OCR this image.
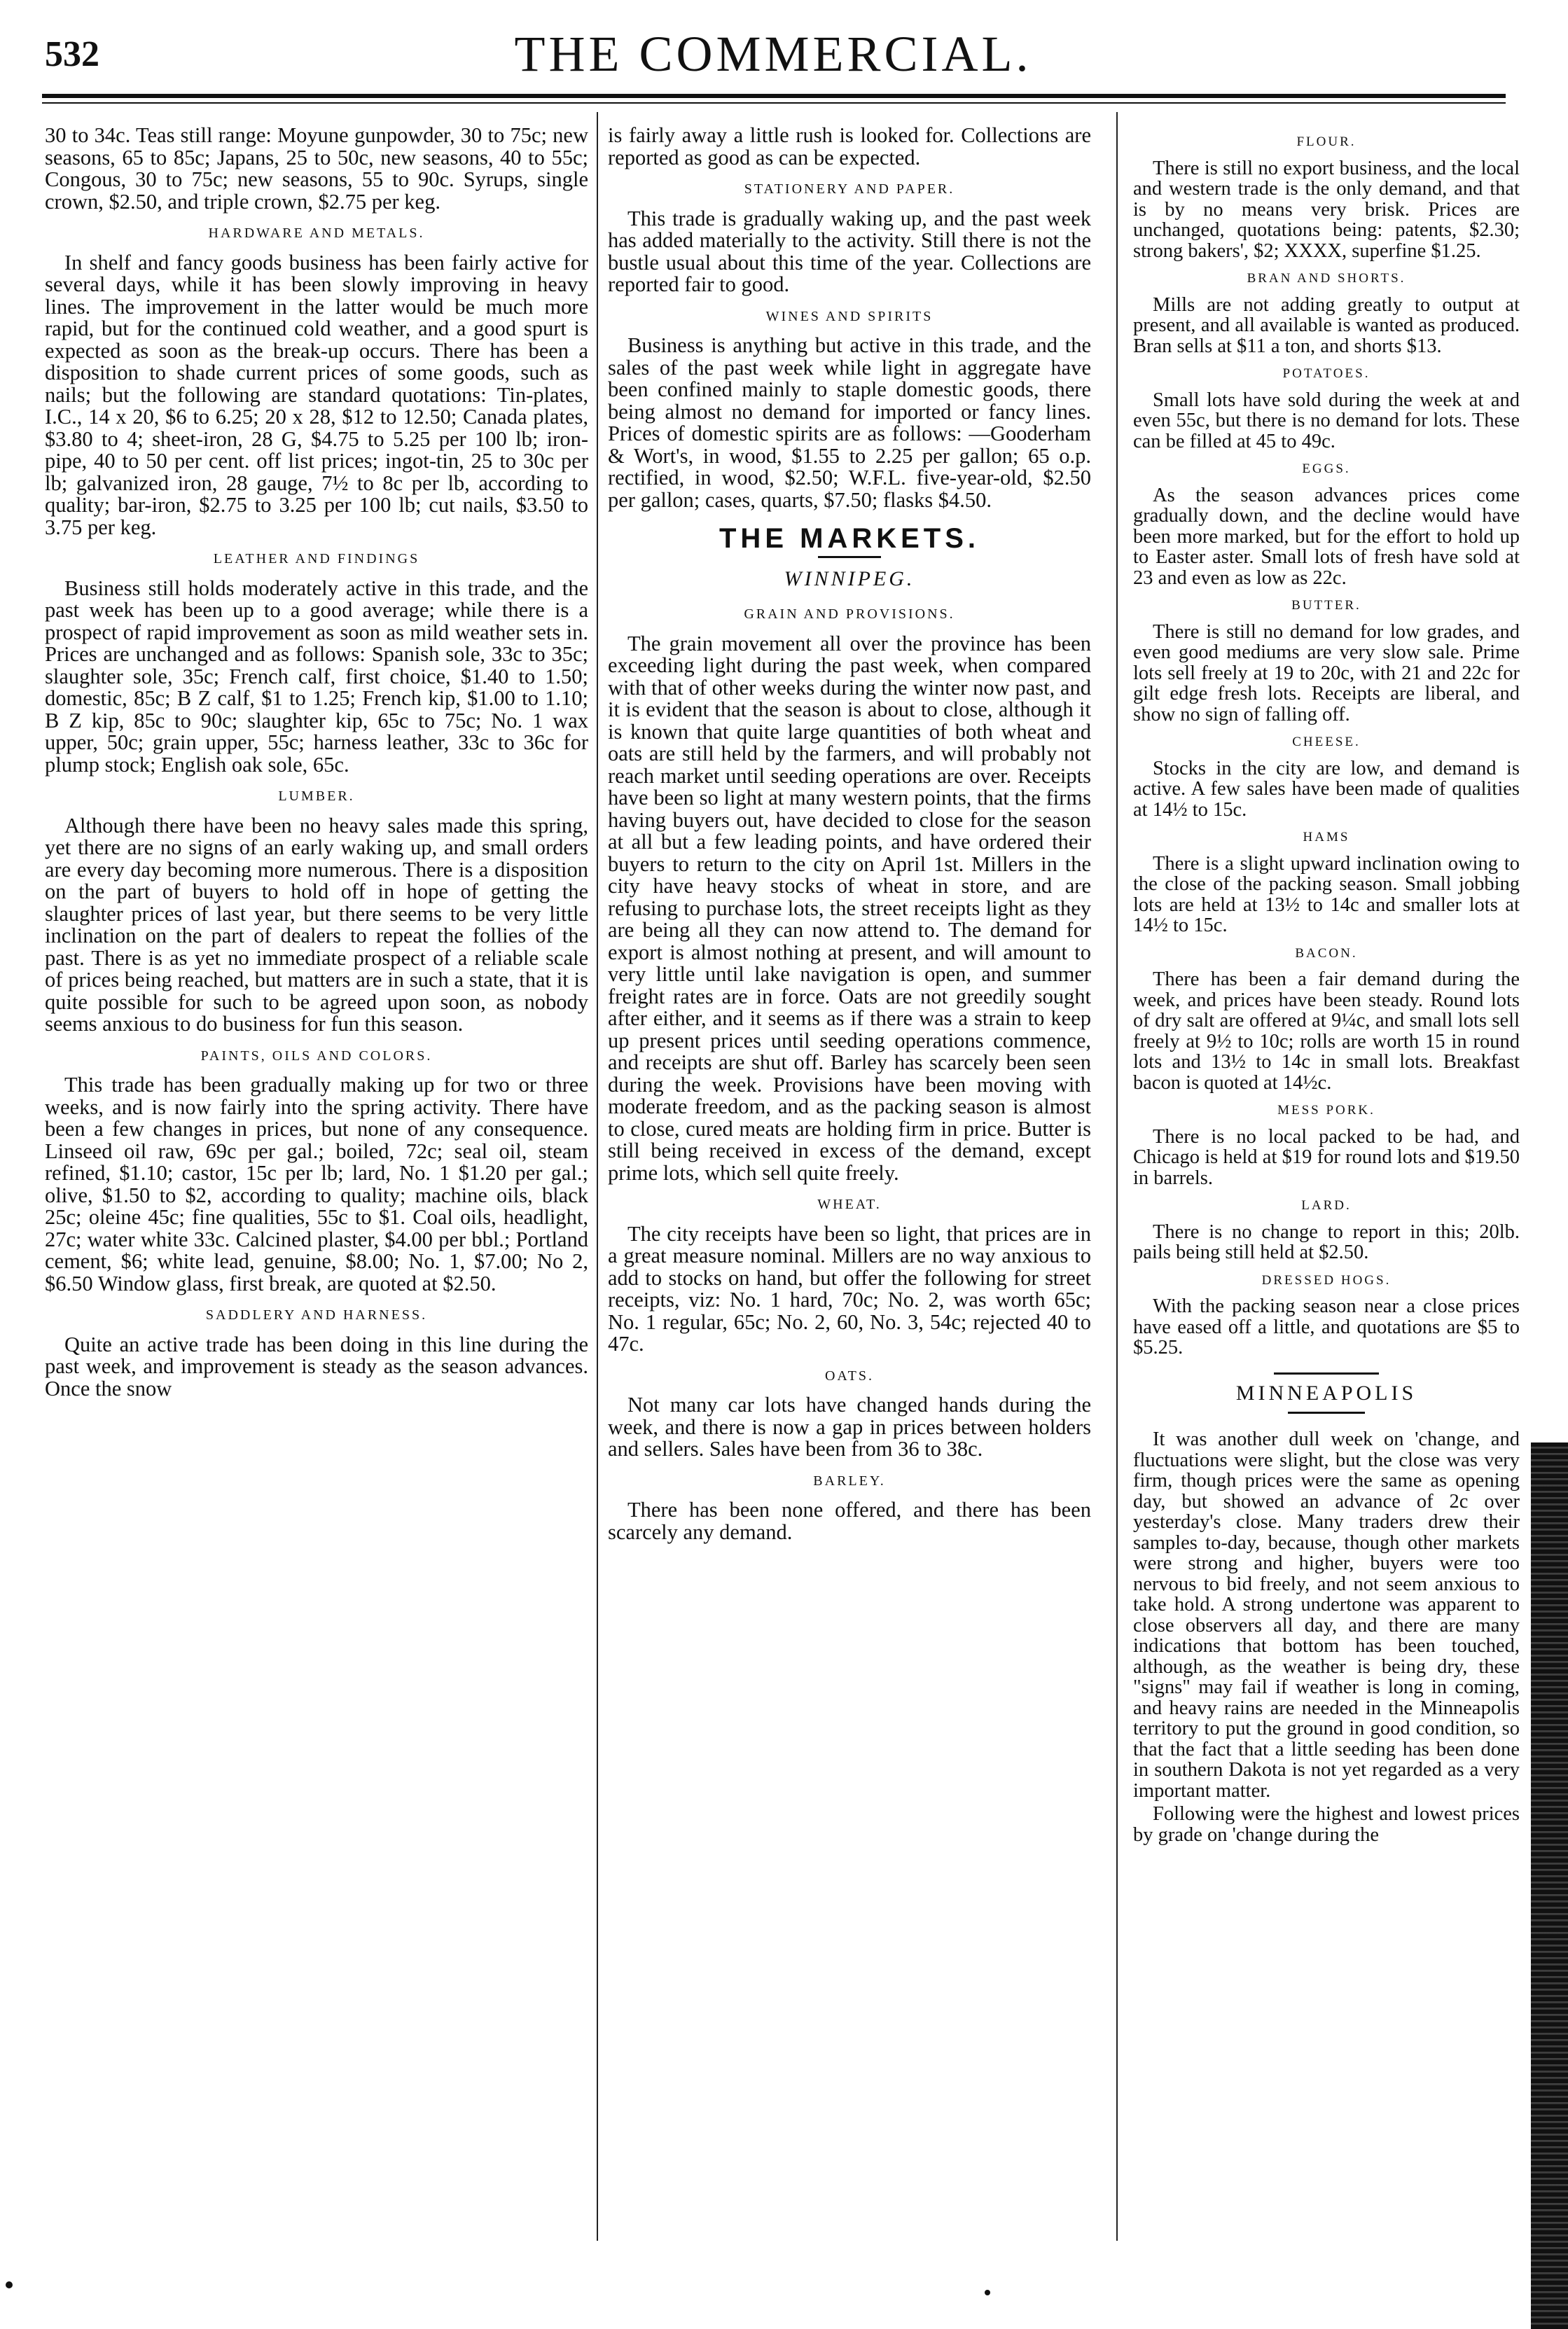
532	THE COMMERCIAL.

30 to 34c. Teas still range: Moyune gunpowder, 30 to 75c; new seasons, 65 to 85c; Japans, 25 to 50c, new seasons, 40 to 55c; Congous, 30 to 75c; new seasons, 55 to 90c. Syrups, single crown, $2.50, and triple crown, $2.75 per keg.

HARDWARE AND METALS.

In shelf and fancy goods business has been fairly active for several days, while it has been slowly improving in heavy lines. The improvement in the latter would be much more rapid, but for the continued cold weather, and a good spurt is expected as soon as the break-up occurs. There has been a disposition to shade current prices of some goods, such as nails; but the following are standard quotations: Tin-plates, I.C., 14 x 20, $6 to 6.25; 20 x 28, $12 to 12.50; Canada plates, $3.80 to 4; sheet-iron, 28 G, $4.75 to 5.25 per 100 lb; iron-pipe, 40 to 50 per cent. off list prices; ingot-tin, 25 to 30c per lb; galvanized iron, 28 gauge, 7½ to 8c per lb, according to quality; bar-iron, $2.75 to 3.25 per 100 lb; cut nails, $3.50 to 3.75 per keg.

LEATHER AND FINDINGS

Business still holds moderately active in this trade, and the past week has been up to a good average; while there is a prospect of rapid improvement as soon as mild weather sets in. Prices are unchanged and as follows: Spanish sole, 33c to 35c; slaughter sole, 35c; French calf, first choice, $1.40 to 1.50; domestic, 85c; B Z calf, $1 to 1.25; French kip, $1.00 to 1.10; B Z kip, 85c to 90c; slaughter kip, 65c to 75c; No. 1 wax upper, 50c; grain upper, 55c; harness leather, 33c to 36c for plump stock; English oak sole, 65c.

LUMBER.

Although there have been no heavy sales made this spring, yet there are no signs of an early waking up, and small orders are every day becoming more numerous. There is a disposition on the part of buyers to hold off in hope of getting the slaughter prices of last year, but there seems to be very little inclination on the part of dealers to repeat the follies of the past. There is as yet no immediate prospect of a reliable scale of prices being reached, but matters are in such a state, that it is quite possible for such to be agreed upon soon, as nobody seems anxious to do business for fun this season.

PAINTS, OILS AND COLORS.

This trade has been gradually making up for two or three weeks, and is now fairly into the spring activity. There have been a few changes in prices, but none of any consequence. Linseed oil raw, 69c per gal.; boiled, 72c; seal oil, steam refined, $1.10; castor, 15c per lb; lard, No. 1 $1.20 per gal.; olive, $1.50 to $2, according to quality; machine oils, black 25c; oleine 45c; fine qualities, 55c to $1. Coal oils, headlight, 27c; water white 33c. Calcined plaster, $4.00 per bbl.; Portland cement, $6; white lead, genuine, $8.00; No. 1, $7.00; No 2, $6.50 Window glass, first break, are quoted at $2.50.

SADDLERY AND HARNESS.

Quite an active trade has been doing in this line during the past week, and improvement is steady as the season advances. Once the snow

is fairly away a little rush is looked for. Collections are reported as good as can be expected.

STATIONERY AND PAPER.

This trade is gradually waking up, and the past week has added materially to the activity. Still there is not the bustle usual about this time of the year. Collections are reported fair to good.

WINES AND SPIRITS

Business is anything but active in this trade, and the sales of the past week while light in aggregate have been confined mainly to staple domestic goods, there being almost no demand for imported or fancy lines. Prices of domestic spirits are as follows: —Gooderham & Wort's, in wood, $1.55 to 2.25 per gallon; 65 o.p. rectified, in wood, $2.50; W.F.L. five-year-old, $2.50 per gallon; cases, quarts, $7.50; flasks $4.50.

THE MARKETS.
WINNIPEG.
GRAIN AND PROVISIONS.

The grain movement all over the province has been exceeding light during the past week, when compared with that of other weeks during the winter now past, and it is evident that the season is about to close, although it is known that quite large quantities of both wheat and oats are still held by the farmers, and will probably not reach market until seeding operations are over. Receipts have been so light at many western points, that the firms having buyers out, have decided to close for the season at all but a few leading points, and have ordered their buyers to return to the city on April 1st. Millers in the city have heavy stocks of wheat in store, and are refusing to purchase lots, the street receipts light as they are being all they can now attend to. The demand for export is almost nothing at present, and will amount to very little until lake navigation is open, and summer freight rates are in force. Oats are not greedily sought after either, and it seems as if there was a strain to keep up present prices until seeding operations commence, and receipts are shut off. Barley has scarcely been seen during the week. Provisions have been moving with moderate freedom, and as the packing season is almost to close, cured meats are holding firm in price. Butter is still being received in excess of the demand, except prime lots, which sell quite freely.

WHEAT.

The city receipts have been so light, that prices are in a great measure nominal. Millers are no way anxious to add to stocks on hand, but offer the following for street receipts, viz: No. 1 hard, 70c; No. 2, was worth 65c; No. 1 regular, 65c; No. 2, 60, No. 3, 54c; rejected 40 to 47c.

OATS.

Not many car lots have changed hands during the week, and there is now a gap in prices between holders and sellers. Sales have been from 36 to 38c.

BARLEY.

There has been none offered, and there has been scarcely any demand.

FLOUR.

There is still no export business, and the local and western trade is the only demand, and that is by no means very brisk. Prices are unchanged, quotations being: patents, $2.30; strong bakers', $2; XXXX, superfine $1.25.

BRAN AND SHORTS.

Mills are not adding greatly to output at present, and all available is wanted as produced. Bran sells at $11 a ton, and shorts $13.

POTATOES.

Small lots have sold during the week at and even 55c, but there is no demand for lots. These can be filled at 45 to 49c.

EGGS.

As the season advances prices come gradually down, and the decline would have been more marked, but for the effort to hold up to Easter aster. Small lots of fresh have sold at 23 and even as low as 22c.

BUTTER.

There is still no demand for low grades, and even good mediums are very slow sale. Prime lots sell freely at 19 to 20c, with 21 and 22c for gilt edge fresh lots. Receipts are liberal, and show no sign of falling off.

CHEESE.

Stocks in the city are low, and demand is active. A few sales have been made of qualities at 14½ to 15c.

HAMS

There is a slight upward inclination owing to the close of the packing season. Small jobbing lots are held at 13½ to 14c and smaller lots at 14½ to 15c.

BACON.

There has been a fair demand during the week, and prices have been steady. Round lots of dry salt are offered at 9¼c, and small lots sell freely at 9½ to 10c; rolls are worth 15 in round lots and 13½ to 14c in small lots. Breakfast bacon is quoted at 14½c.

MESS PORK.

There is no local packed to be had, and Chicago is held at $19 for round lots and $19.50 in barrels.

LARD.

There is no change to report in this; 20lb. pails being still held at $2.50.

DRESSED HOGS.

With the packing season near a close prices have eased off a little, and quotations are $5 to $5.25.

MINNEAPOLIS

It was another dull week on 'change, and fluctuations were slight, but the close was very firm, though prices were the same as opening day, but showed an advance of 2c over yesterday's close. Many traders drew their samples to-day, because, though other markets were strong and higher, buyers were too nervous to bid freely, and not seem anxious to take hold. A strong undertone was apparent to close observers all day, and there are many indications that bottom has been touched, although, as the weather is being dry, these "signs" may fail if weather is long in coming, and heavy rains are needed in the Minneapolis territory to put the ground in good condition, so that the fact that a little seeding has been done in southern Dakota is not yet regarded as a very important matter.

Following were the highest and lowest prices by grade on 'change during the
